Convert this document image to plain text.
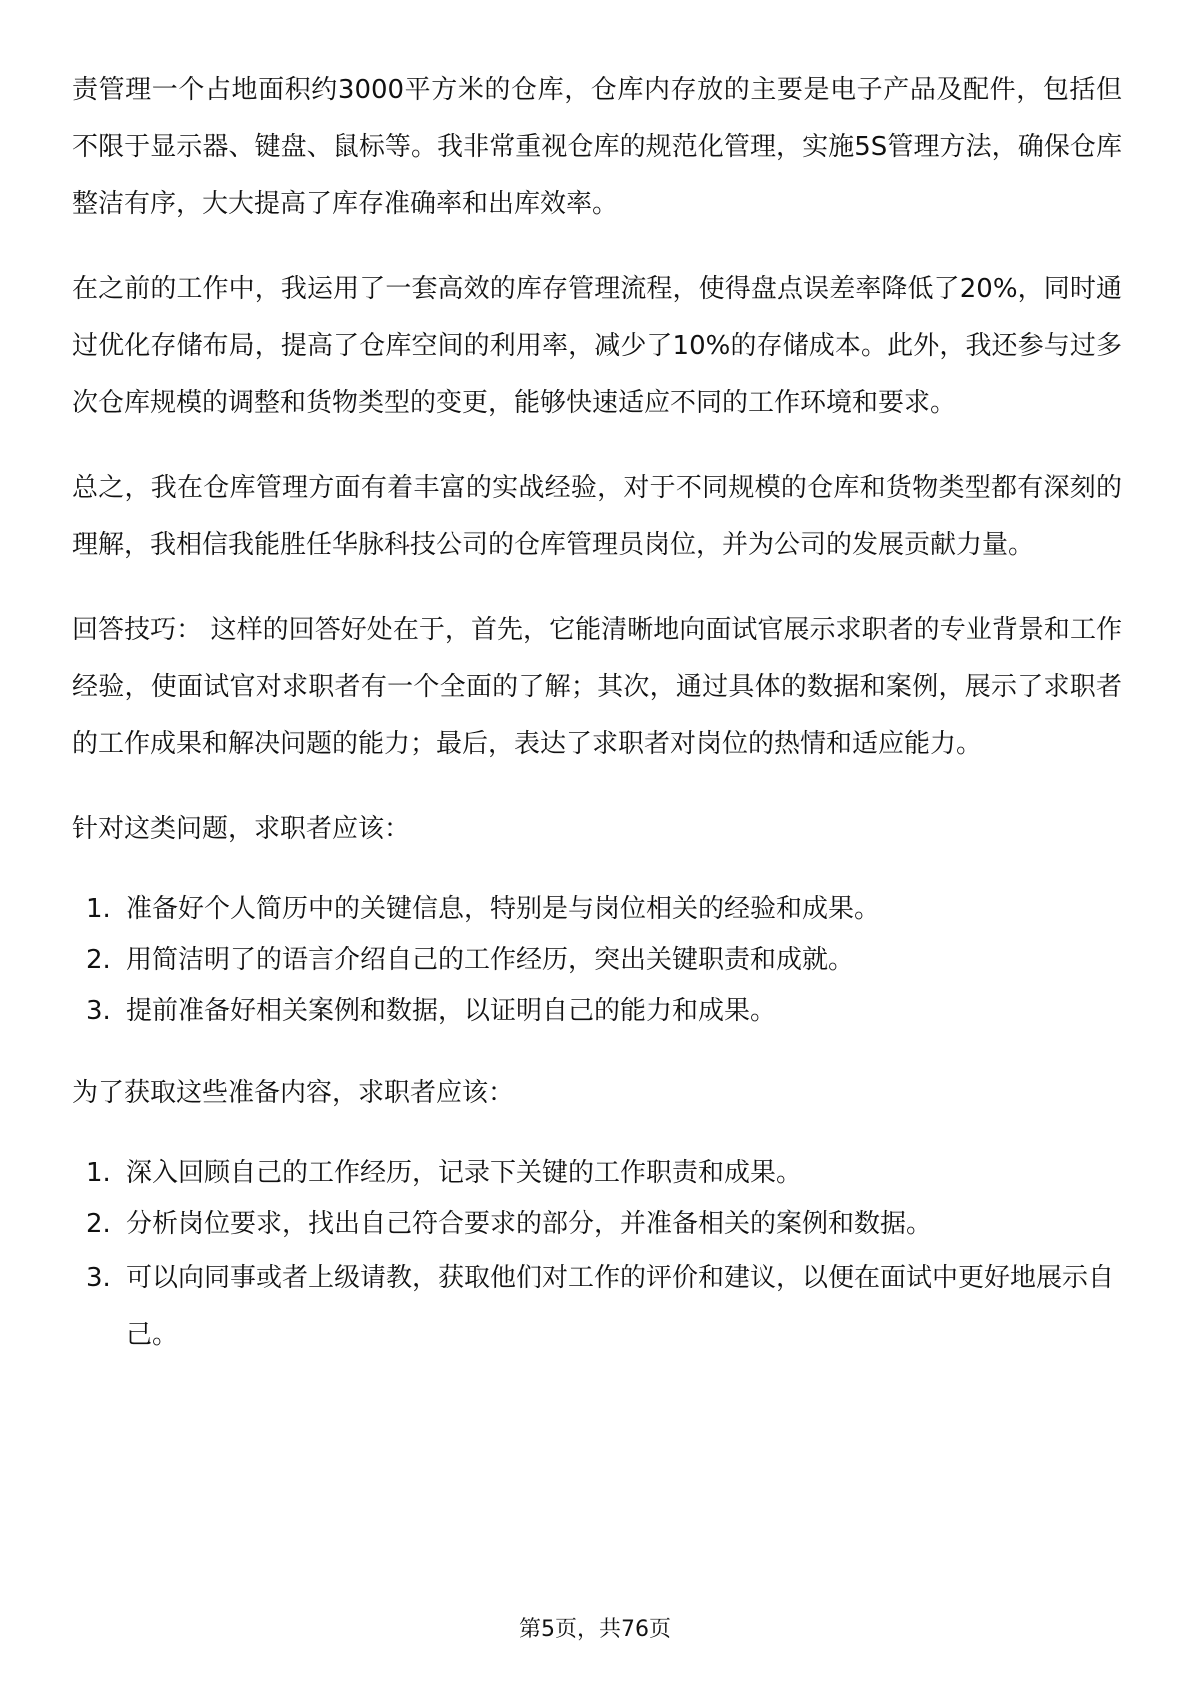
责管理一个占地面积约3000平方米的仓库，仓库内存放的主要是电子产品及配件，包括但不限于显示器、键盘、鼠标等。我非常重视仓库的规范化管理，实施5S管理方法，确保仓库整洁有序，大大提高了库存准确率和出库效率。

在之前的工作中，我运用了一套高效的库存管理流程，使得盘点误差率降低了20%，同时通过优化存储布局，提高了仓库空间的利用率，减少了10%的存储成本。此外，我还参与过多次仓库规模的调整和货物类型的变更，能够快速适应不同的工作环境和要求。

总之，我在仓库管理方面有着丰富的实战经验，对于不同规模的仓库和货物类型都有深刻的理解，我相信我能胜任华脉科技公司的仓库管理员岗位，并为公司的发展贡献力量。

回答技巧： 这样的回答好处在于，首先，它能清晰地向面试官展示求职者的专业背景和工作经验，使面试官对求职者有一个全面的了解；其次，通过具体的数据和案例，展示了求职者的工作成果和解决问题的能力；最后，表达了求职者对岗位的热情和适应能力。

针对这类问题，求职者应该：

1. 准备好个人简历中的关键信息，特别是与岗位相关的经验和成果。
2. 用简洁明了的语言介绍自己的工作经历，突出关键职责和成就。
3. 提前准备好相关案例和数据，以证明自己的能力和成果。

为了获取这些准备内容，求职者应该：

1. 深入回顾自己的工作经历，记录下关键的工作职责和成果。
2. 分析岗位要求，找出自己符合要求的部分，并准备相关的案例和数据。
3. 可以向同事或者上级请教，获取他们对工作的评价和建议，以便在面试中更好地展示自己。
第5页，共76页
